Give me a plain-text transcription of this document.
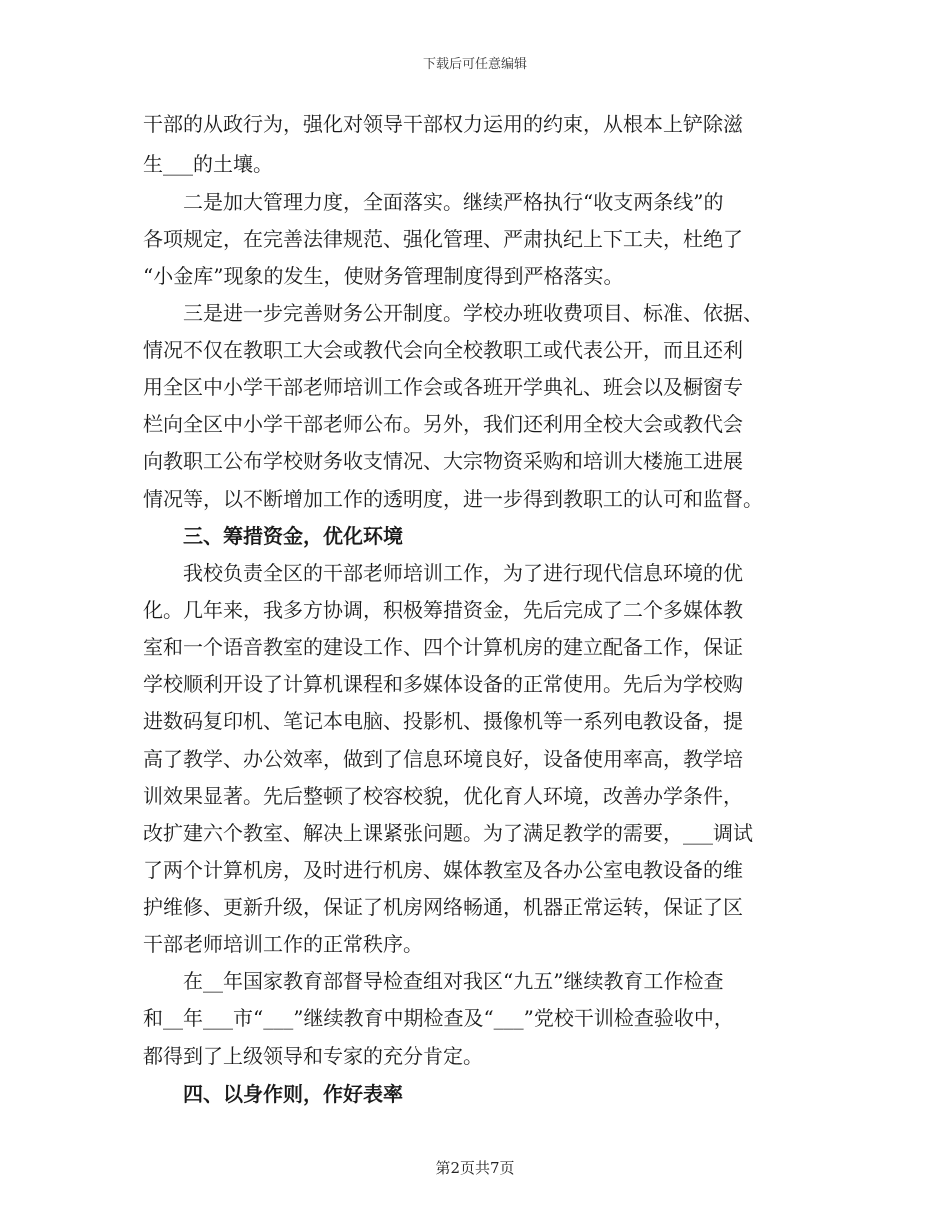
下载后可任意编辑
干部的从政行为，强化对领导干部权力运用的约束，从根本上铲除滋
生___的土壤。
　　二是加大管理力度，全面落实。继续严格执行“收支两条线”的
各项规定，在完善法律规范、强化管理、严肃执纪上下工夫，杜绝了
“小金库”现象的发生，使财务管理制度得到严格落实。
　　三是进一步完善财务公开制度。学校办班收费项目、标准、依据、
情况不仅在教职工大会或教代会向全校教职工或代表公开，而且还利
用全区中小学干部老师培训工作会或各班开学典礼、班会以及橱窗专
栏向全区中小学干部老师公布。另外，我们还利用全校大会或教代会
向教职工公布学校财务收支情况、大宗物资采购和培训大楼施工进展
情况等，以不断增加工作的透明度，进一步得到教职工的认可和监督。
　　三、筹措资金，优化环境
　　我校负责全区的干部老师培训工作，为了进行现代信息环境的优
化。几年来，我多方协调，积极筹措资金，先后完成了二个多媒体教
室和一个语音教室的建设工作、四个计算机房的建立配备工作，保证
学校顺利开设了计算机课程和多媒体设备的正常使用。先后为学校购
进数码复印机、笔记本电脑、投影机、摄像机等一系列电教设备，提
高了教学、办公效率，做到了信息环境良好，设备使用率高，教学培
训效果显著。先后整顿了校容校貌，优化育人环境，改善办学条件，
改扩建六个教室、解决上课紧张问题。为了满足教学的需要，___调试
了两个计算机房，及时进行机房、媒体教室及各办公室电教设备的维
护维修、更新升级，保证了机房网络畅通，机器正常运转，保证了区
干部老师培训工作的正常秩序。
　　在__年国家教育部督导检查组对我区“九五”继续教育工作检查
和__年___市“___”继续教育中期检查及“___”党校干训检查验收中，
都得到了上级领导和专家的充分肯定。
　　四、以身作则，作好表率
第2页共7页
